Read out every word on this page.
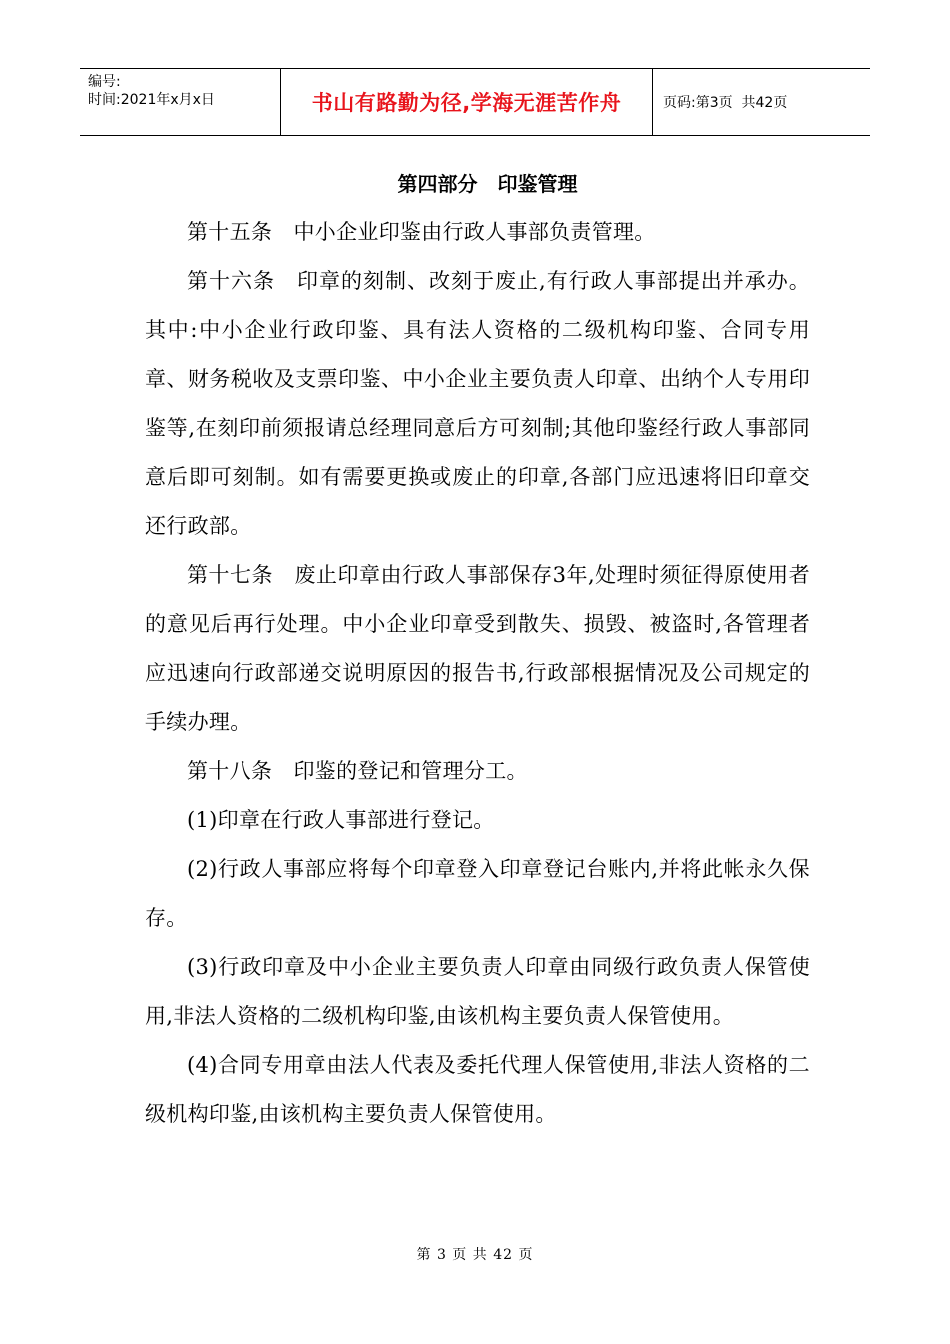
编号:
时间:2021年x月x日	书山有路勤为径,学海无涯苦作舟	页码:第3页  共42页
第四部分　印鉴管理

第十五条　中小企业印鉴由行政人事部负责管理。

第十六条　印章的刻制、改刻于废止,有行政人事部提出并承办。其中:中小企业行政印鉴、具有法人资格的二级机构印鉴、合同专用章、财务税收及支票印鉴、中小企业主要负责人印章、出纳个人专用印鉴等,在刻印前须报请总经理同意后方可刻制;其他印鉴经行政人事部同意后即可刻制。如有需要更换或废止的印章,各部门应迅速将旧印章交还行政部。

第十七条　废止印章由行政人事部保存3年,处理时须征得原使用者的意见后再行处理。中小企业印章受到散失、损毁、被盗时,各管理者应迅速向行政部递交说明原因的报告书,行政部根据情况及公司规定的手续办理。

第十八条　印鉴的登记和管理分工。

(1)印章在行政人事部进行登记。

(2)行政人事部应将每个印章登入印章登记台账内,并将此帐永久保存。

(3)行政印章及中小企业主要负责人印章由同级行政负责人保管使用,非法人资格的二级机构印鉴,由该机构主要负责人保管使用。

(4)合同专用章由法人代表及委托代理人保管使用,非法人资格的二级机构印鉴,由该机构主要负责人保管使用。

第 3 页 共 42 页
